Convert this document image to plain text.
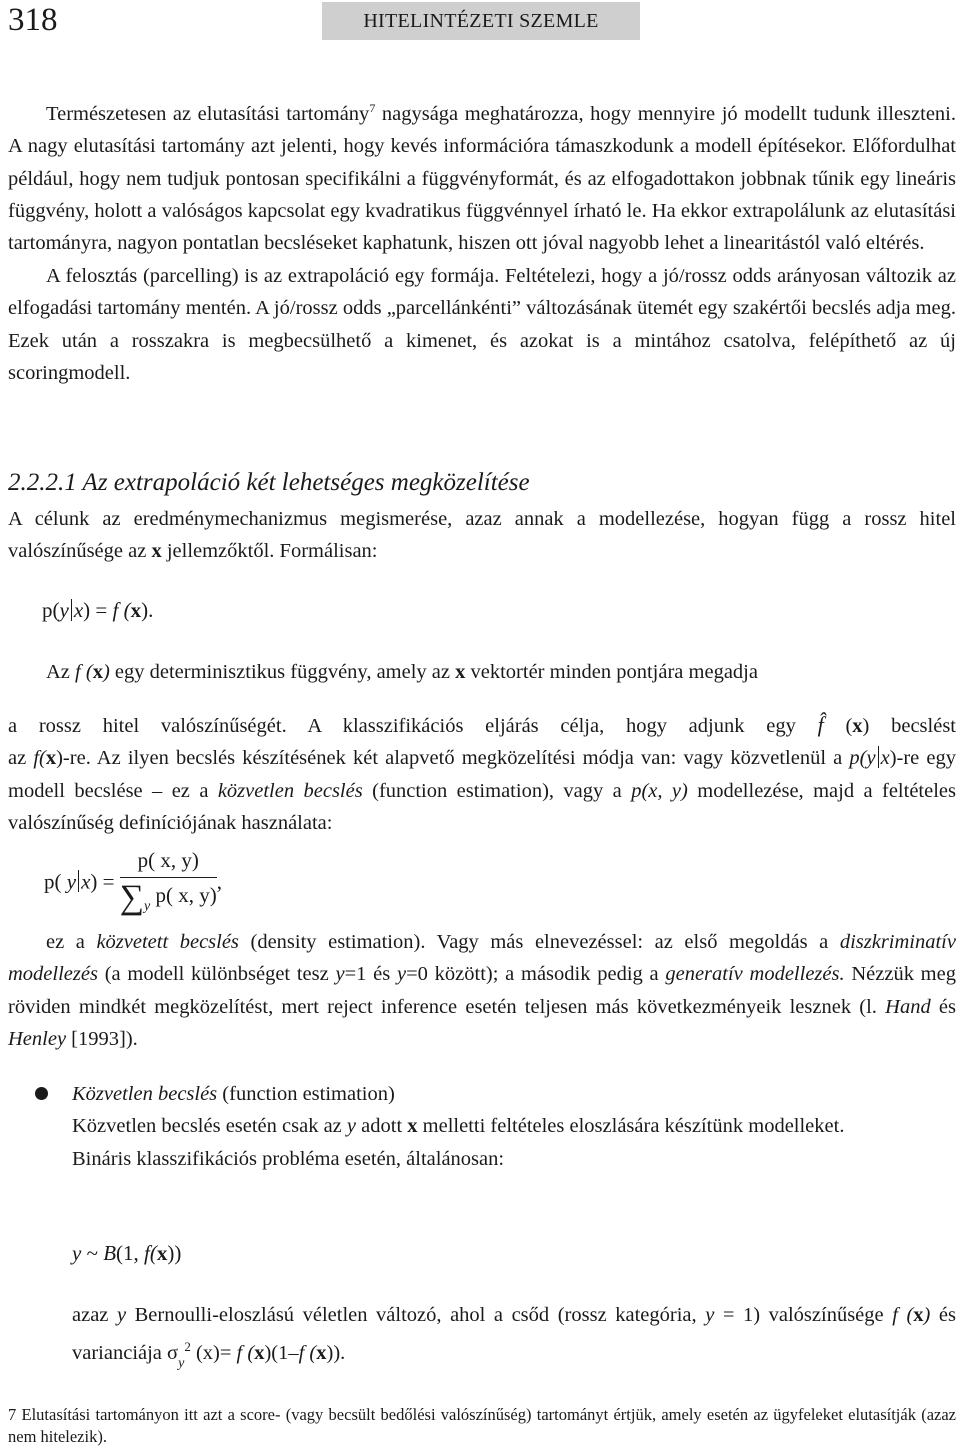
318	HITELINTÉZETI SZEMLE

Természetesen az elutasítási tartomány$^7$ nagysága meghatározza, hogy mennyire jó modellt tudunk illeszteni. A nagy elutasítási tartomány azt jelenti, hogy kevés információra támaszkodunk a modell építésekor. Előfordulhat például, hogy nem tudjuk pontosan specifikálni a függvényformát, és az elfogadottakon jobbnak tűnik egy lineáris függvény, holott a valóságos kapcsolat egy kvadratikus függvénnyel írható le. Ha ekkor extrapolálunk az elutasítási tartományra, nagyon pontatlan becsléseket kaphatunk, hiszen ott jóval nagyobb lehet a linearitástól való eltérés.

A felosztás (parcelling) is az extrapoláció egy formája. Feltételezi, hogy a jó/rossz odds arányosan változik az elfogadási tartomány mentén. A jó/rossz odds „parcellánkénti” változásának ütemét egy szakértői becslés adja meg. Ezek után a rosszakra is megbecsülhető a kimenet, és azokat is a mintához csatolva, felépíthető az új scoringmodell.

2.2.2.1 Az extrapoláció két lehetséges megközelítése
A célunk az eredménymechanizmus megismerése, azaz annak a modellezése, hogyan függ a rossz hitel valószínűsége az x jellemzőktől. Formálisan:
p(y x) = f (x).
Az f (x) egy determinisztikus függvény, amely az x vektortér minden pontjára megadja

a rossz hitel valószínűségét. A klasszifikációs eljárás célja, hogy adjunk egy f̂ (x) becslést

az f(x)-re. Az ilyen becslés készítésének két alapvető megközelítési módja van: vagy közvetlenül a p(y x)-re egy modell becslése – ez a közvetlen becslés (function estimation), vagy a p(x, y) modellezése, majd a feltételes valószínűség definíciójának használata:

p( y $x) = \frac{p( x, y)}{\sum_y p( x, y)}$ ,

ez a közvetett becslés (density estimation). Vagy más elnevezéssel: az első megoldás a diszkriminatív modellezés (a modell különbséget tesz y=1 és y=0 között); a második pedig a generatív modellezés. Nézzük meg röviden mindkét megközelítést, mert reject inference esetén teljesen más következményeik lesznek (l. Hand és Henley [1993]).

Közvetlen becslés (function estimation)

Közvetlen becslés esetén csak az y adott x melletti feltételes eloszlására készítünk modelleket.

Bináris klasszifikációs probléma esetén, általánosan:

y ~ B(1, f(x))

azaz y Bernoulli-eloszlású véletlen változó, ahol a csőd (rossz kategória, y = 1) valószínűsége f (x) és varianciája $\sigma_y^2$ (x)= f (x)(1–f (x)).

7 Elutasítási tartományon itt azt a score- (vagy becsült bedőlési valószínűség) tartományt értjük, amely esetén az ügyfeleket elutasítják (azaz nem hitelezik).
